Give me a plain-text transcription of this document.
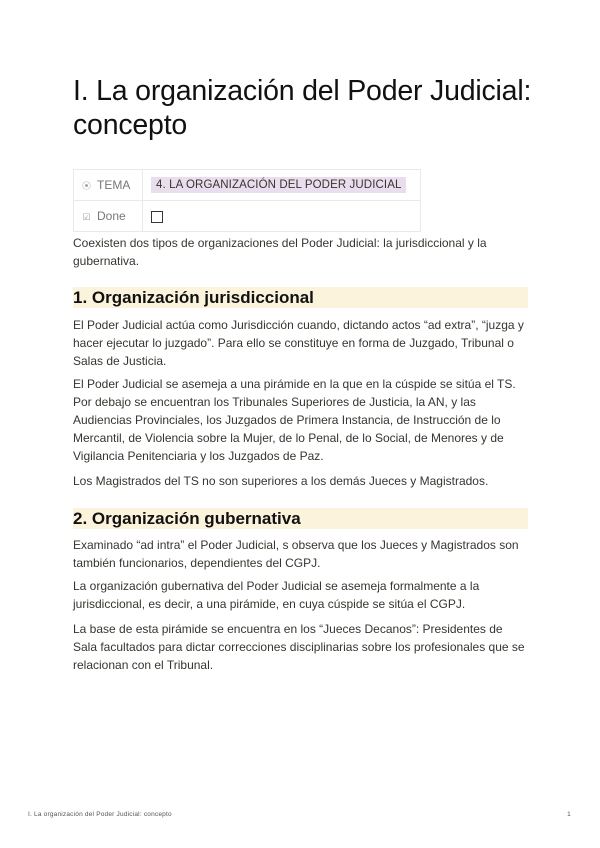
I. La organización del Poder Judicial: concepto
⦿ TEMA	4. LA ORGANIZACIÓN DEL PODER JUDICIAL
☑ Done	

Coexisten dos tipos de organizaciones del Poder Judicial: la jurisdiccional y la gubernativa.

1. Organización jurisdiccional

El Poder Judicial actúa como Jurisdicción cuando, dictando actos “ad extra”, “juzga y hacer ejecutar lo juzgado”. Para ello se constituye en forma de Juzgado, Tribunal o Salas de Justicia.

El Poder Judicial se asemeja a una pirámide en la que en la cúspide se sitúa el TS. Por debajo se encuentran los Tribunales Superiores de Justicia, la AN, y las Audiencias Provinciales, los Juzgados de Primera Instancia, de Instrucción de lo Mercantil, de Violencia sobre la Mujer, de lo Penal, de lo Social, de Menores y de Vigilancia Penitenciaria y los Juzgados de Paz.

Los Magistrados del TS no son superiores a los demás Jueces y Magistrados.

2. Organización gubernativa

Examinado “ad intra” el Poder Judicial, s observa que los Jueces y Magistrados son también funcionarios, dependientes del CGPJ.

La organización gubernativa del Poder Judicial se asemeja formalmente a la jurisdiccional, es decir, a una pirámide, en cuya cúspide se sitúa el CGPJ.

La base de esta pirámide se encuentra en los “Jueces Decanos”: Presidentes de Sala facultados para dictar correcciones disciplinarias sobre los profesionales que se relacionan con el Tribunal.

I. La organización del Poder Judicial: concepto	1
